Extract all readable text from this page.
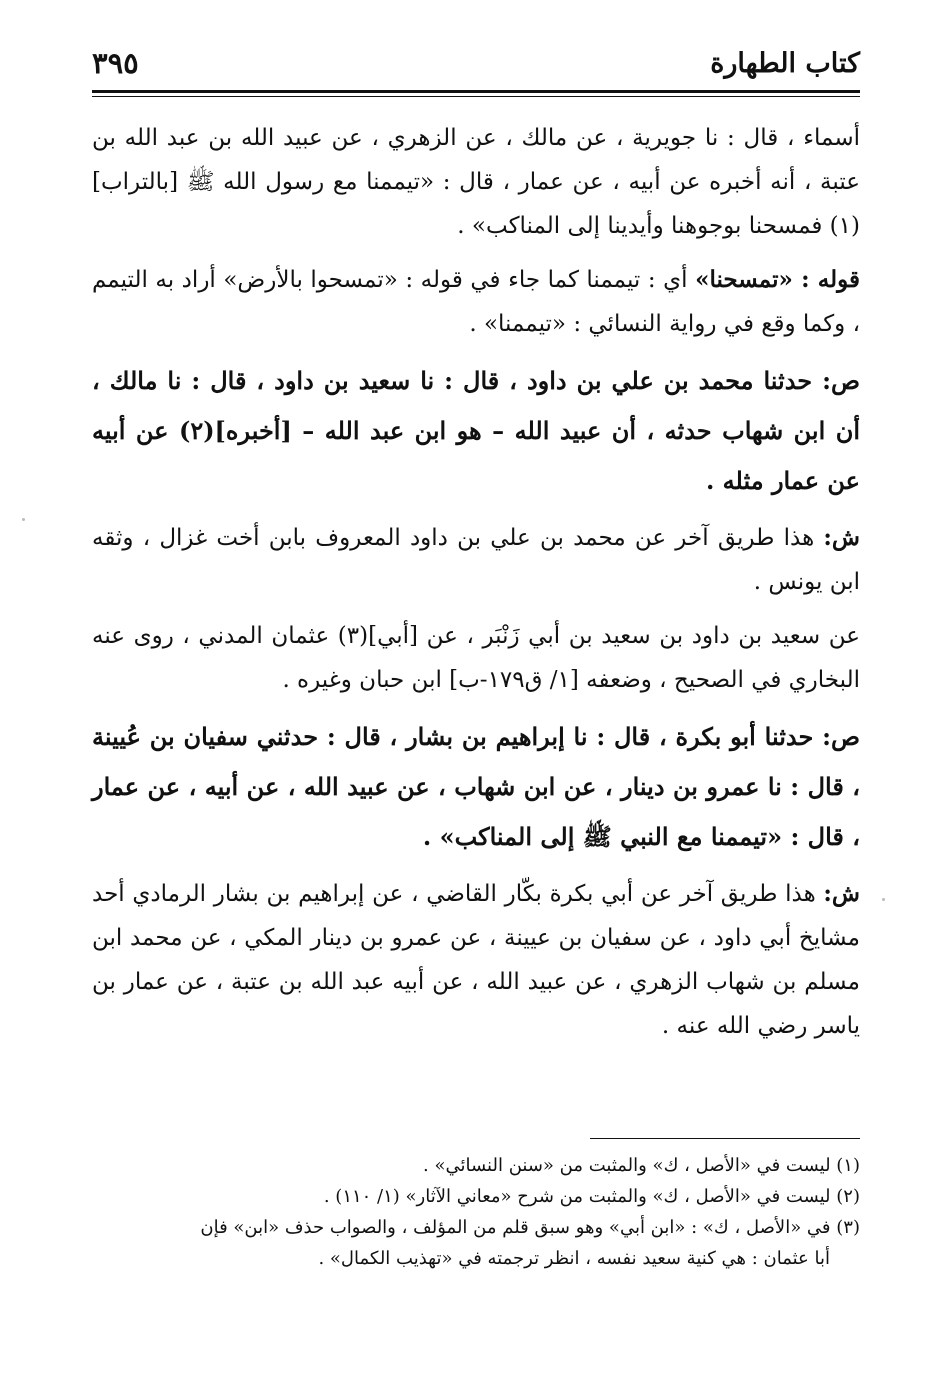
كتاب الطهارة
٣٩٥

أسماء ، قال : نا جويرية ، عن مالك ، عن الزهري ، عن عبيد الله بن عبد الله بن عتبة ، أنه أخبره عن أبيه ، عن عمار ، قال : «تيممنا مع رسول الله ﷺ [بالتراب](١) فمسحنا بوجوهنا وأيدينا إلى المناكب» .

قوله : «تمسحنا» أي : تيممنا كما جاء في قوله : «تمسحوا بالأرض» أراد به التيمم ، وكما وقع في رواية النسائي : «تيممنا» .

ص: حدثنا محمد بن علي بن داود ، قال : نا سعيد بن داود ، قال : نا مالك ، أن ابن شهاب حدثه ، أن عبيد الله – هو ابن عبد الله – [أخبره](٢) عن أبيه عن عمار مثله .

ش: هذا طريق آخر عن محمد بن علي بن داود المعروف بابن أخت غزال ، وثقه ابن يونس .

عن سعيد بن داود بن سعيد بن أبي زَنْبَر ، عن [أبي](٣) عثمان المدني ، روى عنه البخاري في الصحيح ، وضعفه [١/ ق١٧٩-ب] ابن حبان وغيره .

ص: حدثنا أبو بكرة ، قال : نا إبراهيم بن بشار ، قال : حدثني سفيان بن عُيينة ، قال : نا عمرو بن دينار ، عن ابن شهاب ، عن عبيد الله ، عن أبيه ، عن عمار ، قال : «تيممنا مع النبي ﷺ إلى المناكب» .

ش: هذا طريق آخر عن أبي بكرة بكّار القاضي ، عن إبراهيم بن بشار الرمادي أحد مشايخ أبي داود ، عن سفيان بن عيينة ، عن عمرو بن دينار المكي ، عن محمد ابن مسلم بن شهاب الزهري ، عن عبيد الله ، عن أبيه عبد الله بن عتبة ، عن عمار بن ياسر رضي الله عنه .

(١) ليست في «الأصل ، ك» والمثبت من «سنن النسائي» .

(٢) ليست في «الأصل ، ك» والمثبت من شرح «معاني الآثار» (١/ ١١٠) .

(٣) في «الأصل ، ك» : «ابن أبي» وهو سبق قلم من المؤلف ، والصواب حذف «ابن» فإن

أبا عثمان : هي كنية سعيد نفسه ، انظر ترجمته في «تهذيب الكمال» .
